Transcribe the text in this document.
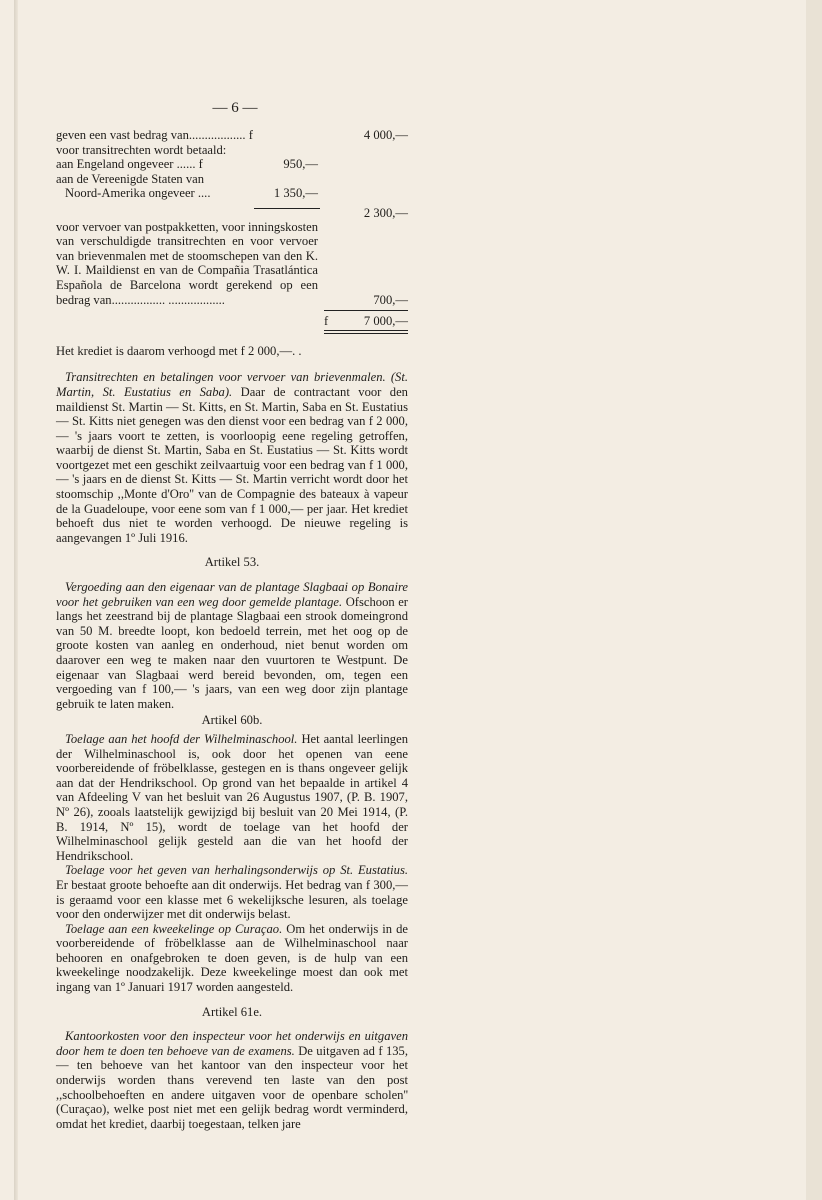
— 6 —
geven een vast bedrag van.................. f	4 000,—
voor transitrechten wordt betaald:
aan Engeland ongeveer ...... f	950,—
aan de Vereenigde Staten van
Noord-Amerika ongeveer ....	1 350,—
2 300,—

voor vervoer van postpakketten, voor inningskosten van verschuldigde transitrechten en voor vervoer van brievenmalen met de stoomschepen van den K. W. I. Maildienst en van de Compañia Trasatlántica Española de Barcelona wordt gerekend op een bedrag van................. ..................	700,—
f	7 000,—

Het krediet is daarom verhoogd met f 2 000,—. .

Transitrechten en betalingen voor vervoer van brievenmalen. (St. Martin, St. Eustatius en Saba). Daar de contractant voor den maildienst St. Martin — St. Kitts, en St. Martin, Saba en St. Eustatius — St. Kitts niet genegen was den dienst voor een bedrag van f 2 000,— 's jaars voort te zetten, is voorloopig eene regeling getroffen, waarbij de dienst St. Martin, Saba en St. Eustatius — St. Kitts wordt voortgezet met een geschikt zeilvaartuig voor een bedrag van f 1 000,— 's jaars en de dienst St. Kitts — St. Martin verricht wordt door het stoomschip ,,Monte d'Oro'' van de Compagnie des bateaux à vapeur de la Guadeloupe, voor eene som van f 1 000,— per jaar. Het krediet behoeft dus niet te worden verhoogd. De nieuwe regeling is aangevangen 1º Juli 1916.

Artikel 53.

Vergoeding aan den eigenaar van de plantage Slagbaai op Bonaire voor het gebruiken van een weg door gemelde plantage. Ofschoon er langs het zeestrand bij de plantage Slagbaai een strook domeingrond van 50 M. breedte loopt, kon bedoeld terrein, met het oog op de groote kosten van aanleg en onderhoud, niet benut worden om daarover een weg te maken naar den vuurtoren te Westpunt. De eigenaar van Slagbaai werd bereid bevonden, om, tegen een vergoeding van f 100,— 's jaars, van een weg door zijn plantage gebruik te laten maken.

Artikel 60b.

Toelage aan het hoofd der Wilhelminaschool. Het aantal leerlingen der Wilhelminaschool is, ook door het openen van eene voorbereidende of fröbelklasse, gestegen en is thans ongeveer gelijk aan dat der Hendrikschool. Op grond van het bepaalde in artikel 4 van Afdeeling V van het besluit van 26 Augustus 1907, (P. B. 1907, Nº 26), zooals laatstelijk gewijzigd bij besluit van 20 Mei 1914, (P. B. 1914, Nº 15), wordt de toelage van het hoofd der Wilhelminaschool gelijk gesteld aan die van het hoofd der Hendrikschool.

Toelage voor het geven van herhalingsonderwijs op St. Eustatius. Er bestaat groote behoefte aan dit onderwijs. Het bedrag van f 300,— is geraamd voor een klasse met 6 wekelijksche lesuren, als toelage voor den onderwijzer met dit onderwijs belast.

Toelage aan een kweekelinge op Curaçao. Om het onderwijs in de voorbereidende of fröbelklasse aan de Wilhelminaschool naar behooren en onafgebroken te doen geven, is de hulp van een kweekelinge noodzakelijk. Deze kweekelinge moest dan ook met ingang van 1º Januari 1917 worden aangesteld.

Artikel 61e.

Kantoorkosten voor den inspecteur voor het onderwijs en uitgaven door hem te doen ten behoeve van de examens. De uitgaven ad f 135,— ten behoeve van het kantoor van den inspecteur voor het onderwijs worden thans verevend ten laste van den post ,,schoolbehoeften en andere uitgaven voor de openbare scholen'' (Curaçao), welke post niet met een gelijk bedrag wordt verminderd, omdat het krediet, daarbij toegestaan, telken jare
